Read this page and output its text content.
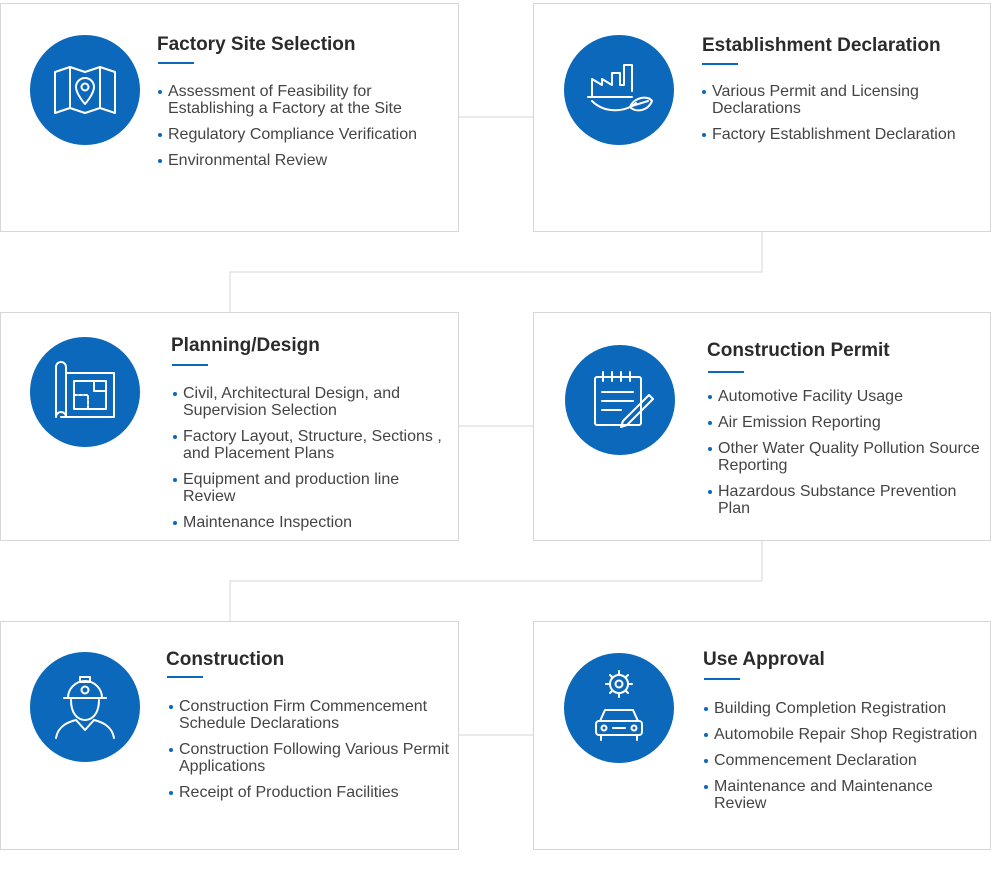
Factory Site Selection
Assessment of Feasibility for Establishing a Factory at the Site
Regulatory Compliance Verification
Environmental Review
Establishment Declaration
Various Permit and Licensing Declarations
Factory Establishment Declaration
Planning/Design
Civil, Architectural Design, and Supervision Selection
Factory Layout, Structure, Sections , and Placement Plans
Equipment and production line Review
Maintenance Inspection
Construction Permit
Automotive Facility Usage
Air Emission Reporting
Other Water Quality Pollution Source Reporting
Hazardous Substance Prevention Plan
Construction
Construction Firm Commencement Schedule Declarations
Construction Following Various Permit Applications
Receipt of Production Facilities
Use Approval
Building Completion Registration
Automobile Repair Shop Registration
Commencement Declaration
Maintenance and Maintenance Review
